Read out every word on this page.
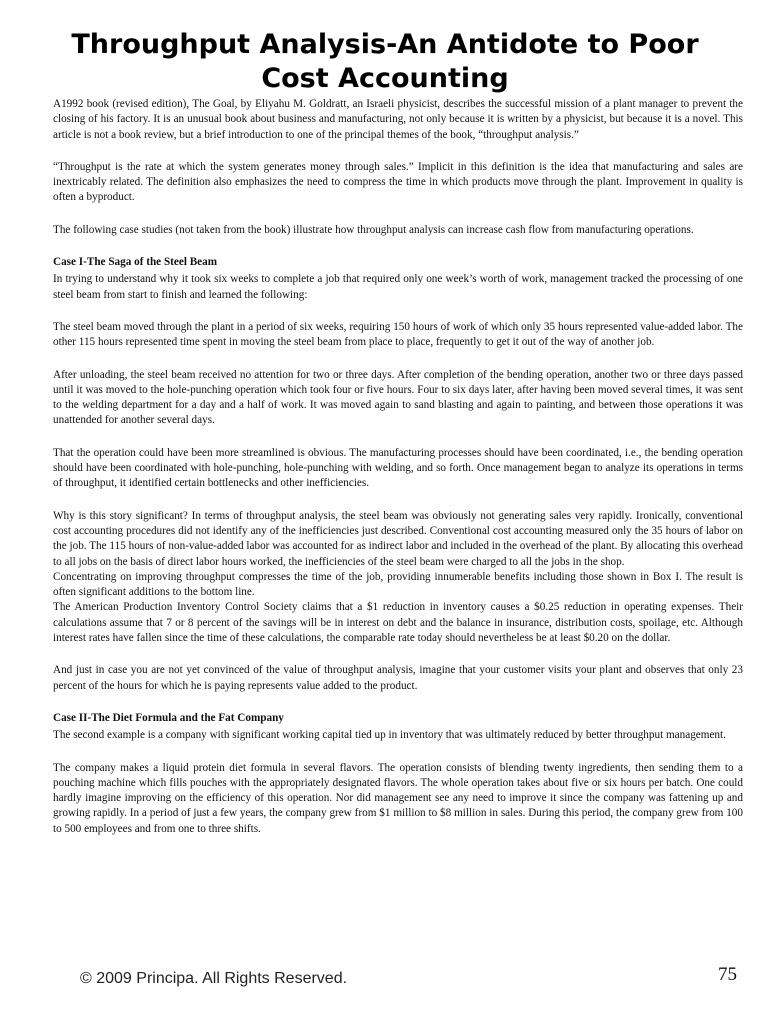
Throughput Analysis-An Antidote to Poor Cost Accounting

A1992 book (revised edition), The Goal, by Eliyahu M. Goldratt, an Israeli physicist, describes the successful mission of a plant manager to prevent the closing of his factory. It is an unusual book about business and manufacturing, not only because it is written by a physicist, but because it is a novel. This article is not a book review, but a brief introduction to one of the principal themes of the book, “throughput analysis.”

“Throughput is the rate at which the system generates money through sales.” Implicit in this definition is the idea that manufacturing and sales are inextricably related. The definition also emphasizes the need to compress the time in which products move through the plant. Improvement in quality is often a byproduct.

The following case studies (not taken from the book) illustrate how throughput analysis can increase cash flow from manufacturing operations.

Case I-The Saga of the Steel Beam

In trying to understand why it took six weeks to complete a job that required only one week’s worth of work, management tracked the processing of one steel beam from start to finish and learned the following:

The steel beam moved through the plant in a period of six weeks, requiring 150 hours of work of which only 35 hours represented value-added labor. The other 115 hours represented time spent in moving the steel beam from place to place, frequently to get it out of the way of another job.

After unloading, the steel beam received no attention for two or three days. After completion of the bending operation, another two or three days passed until it was moved to the hole-punching operation which took four or five hours. Four to six days later, after having been moved several times, it was sent to the welding department for a day and a half of work. It was moved again to sand blasting and again to painting, and between those operations it was unattended for another several days.

That the operation could have been more streamlined is obvious. The manufacturing processes should have been coordinated, i.e., the bending operation should have been coordinated with hole-punching, hole-punching with welding, and so forth. Once management began to analyze its operations in terms of throughput, it identified certain bottlenecks and other inefficiencies.

Why is this story significant? In terms of throughput analysis, the steel beam was obviously not generating sales very rapidly. Ironically, conventional cost accounting procedures did not identify any of the inefficiencies just described. Conventional cost accounting measured only the 35 hours of labor on the job. The 115 hours of non-value-added labor was accounted for as indirect labor and included in the overhead of the plant. By allocating this overhead to all jobs on the basis of direct labor hours worked, the inefficiencies of the steel beam were charged to all the jobs in the shop.

Concentrating on improving throughput compresses the time of the job, providing innumerable benefits including those shown in Box I. The result is often significant additions to the bottom line.

The American Production Inventory Control Society claims that a $1 reduction in inventory causes a $0.25 reduction in operating expenses. Their calculations assume that 7 or 8 percent of the savings will be in interest on debt and the balance in insurance, distribution costs, spoilage, etc. Although interest rates have fallen since the time of these calculations, the comparable rate today should nevertheless be at least $0.20 on the dollar.

And just in case you are not yet convinced of the value of throughput analysis, imagine that your customer visits your plant and observes that only 23 percent of the hours for which he is paying represents value added to the product.

Case II-The Diet Formula and the Fat Company

The second example is a company with significant working capital tied up in inventory that was ultimately reduced by better throughput management.

The company makes a liquid protein diet formula in several flavors. The operation consists of blending twenty ingredients, then sending them to a pouching machine which fills pouches with the appropriately designated flavors. The whole operation takes about five or six hours per batch. One could hardly imagine improving on the efficiency of this operation. Nor did management see any need to improve it since the company was fattening up and growing rapidly. In a period of just a few years, the company grew from $1 million to $8 million in sales. During this period, the company grew from 100 to 500 employees and from one to three shifts.

© 2009 Principa. All Rights Reserved.	75
